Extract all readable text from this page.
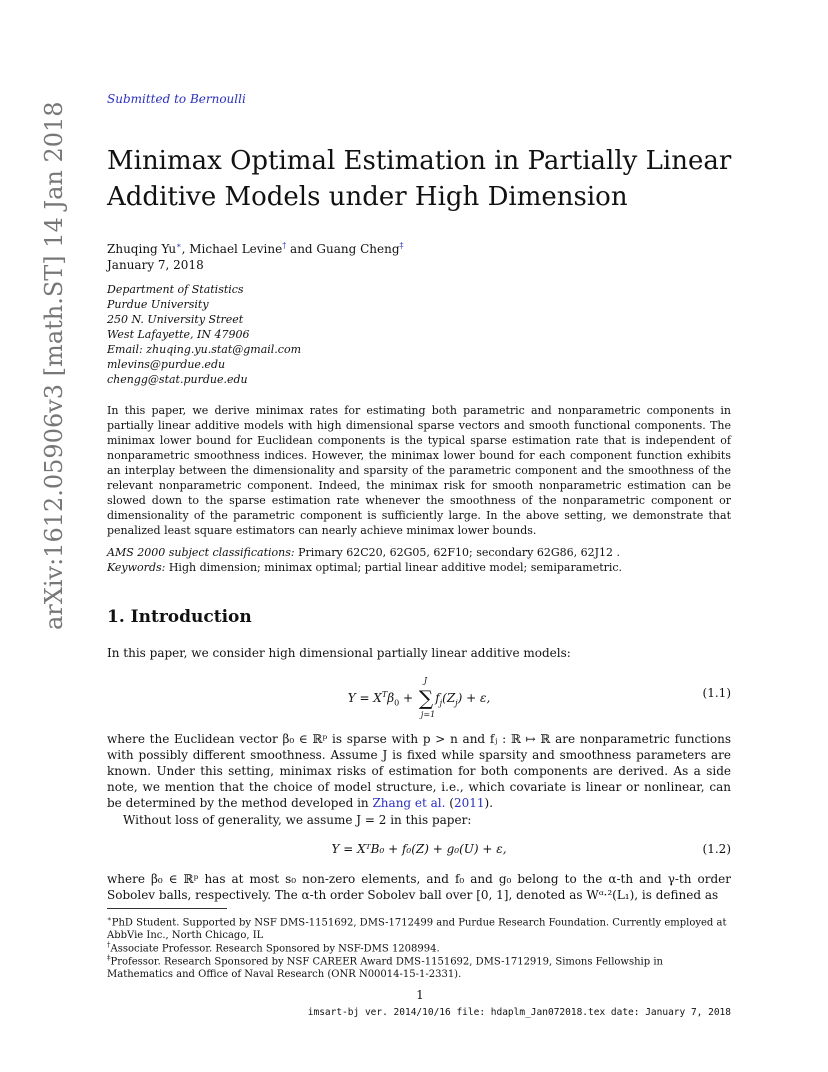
arXiv:1612.05906v3 [math.ST] 14 Jan 2018
Submitted to Bernoulli
Minimax Optimal Estimation in Partially Linear
Additive Models under High Dimension
Zhuqing Yu∗, Michael Levine† and Guang Cheng‡
January 7, 2018
Department of Statistics
Purdue University
250 N. University Street
West Lafayette, IN 47906
Email: zhuqing.yu.stat@gmail.com
mlevins@purdue.edu
chengg@stat.purdue.edu
In this paper, we derive minimax rates for estimating both parametric and nonparametric components in partially linear additive models with high dimensional sparse vectors and smooth functional components. The minimax lower bound for Euclidean components is the typical sparse estimation rate that is independent of nonparametric smoothness indices. However, the minimax lower bound for each component function exhibits an interplay between the dimensionality and sparsity of the parametric component and the smoothness of the relevant nonparametric component. Indeed, the minimax risk for smooth nonparametric estimation can be slowed down to the sparse estimation rate whenever the smoothness of the nonparametric component or dimensionality of the parametric component is sufficiently large. In the above setting, we demonstrate that penalized least square estimators can nearly achieve minimax lower bounds.
AMS 2000 subject classifications: Primary 62C20, 62G05, 62F10; secondary 62G86, 62J12 .
Keywords: High dimension; minimax optimal; partial linear additive model; semiparametric.
1. Introduction
In this paper, we consider high dimensional partially linear additive models:
$Y = X^T\beta_0$ + ∑
J
j=1
$f_j(Z_j) + \varepsilon$,	(1.1)
where the Euclidean vector β₀ ∈ ℝᵖ is sparse with p > n and fⱼ : ℝ ↦ ℝ are nonparametric functions with possibly different smoothness. Assume J is fixed while sparsity and smoothness parameters are known. Under this setting, minimax risks of estimation for both components are derived. As a side note, we mention that the choice of model structure, i.e., which covariate is linear or nonlinear, can be determined by the method developed in Zhang et al. (2011).
Without loss of generality, we assume J = 2 in this paper:
Y = XᵀB₀ + f₀(Z) + g₀(U) + ε,	(1.2)
where β₀ ∈ ℝᵖ has at most s₀ non-zero elements, and f₀ and g₀ belong to the α-th and γ-th order Sobolev balls, respectively. The α-th order Sobolev ball over [0, 1], denoted as Wᵅ·²(L₁), is defined as
∗PhD Student. Supported by NSF DMS-1151692, DMS-1712499 and Purdue Research Foundation. Currently employed at AbbVie Inc., North Chicago, IL
†Associate Professor. Research Sponsored by NSF-DMS 1208994.
‡Professor. Research Sponsored by NSF CAREER Award DMS-1151692, DMS-1712919, Simons Fellowship in Mathematics and Office of Naval Research (ONR N00014-15-1-2331).
1
imsart-bj ver. 2014/10/16 file: hdaplm_Jan072018.tex date: January 7, 2018
